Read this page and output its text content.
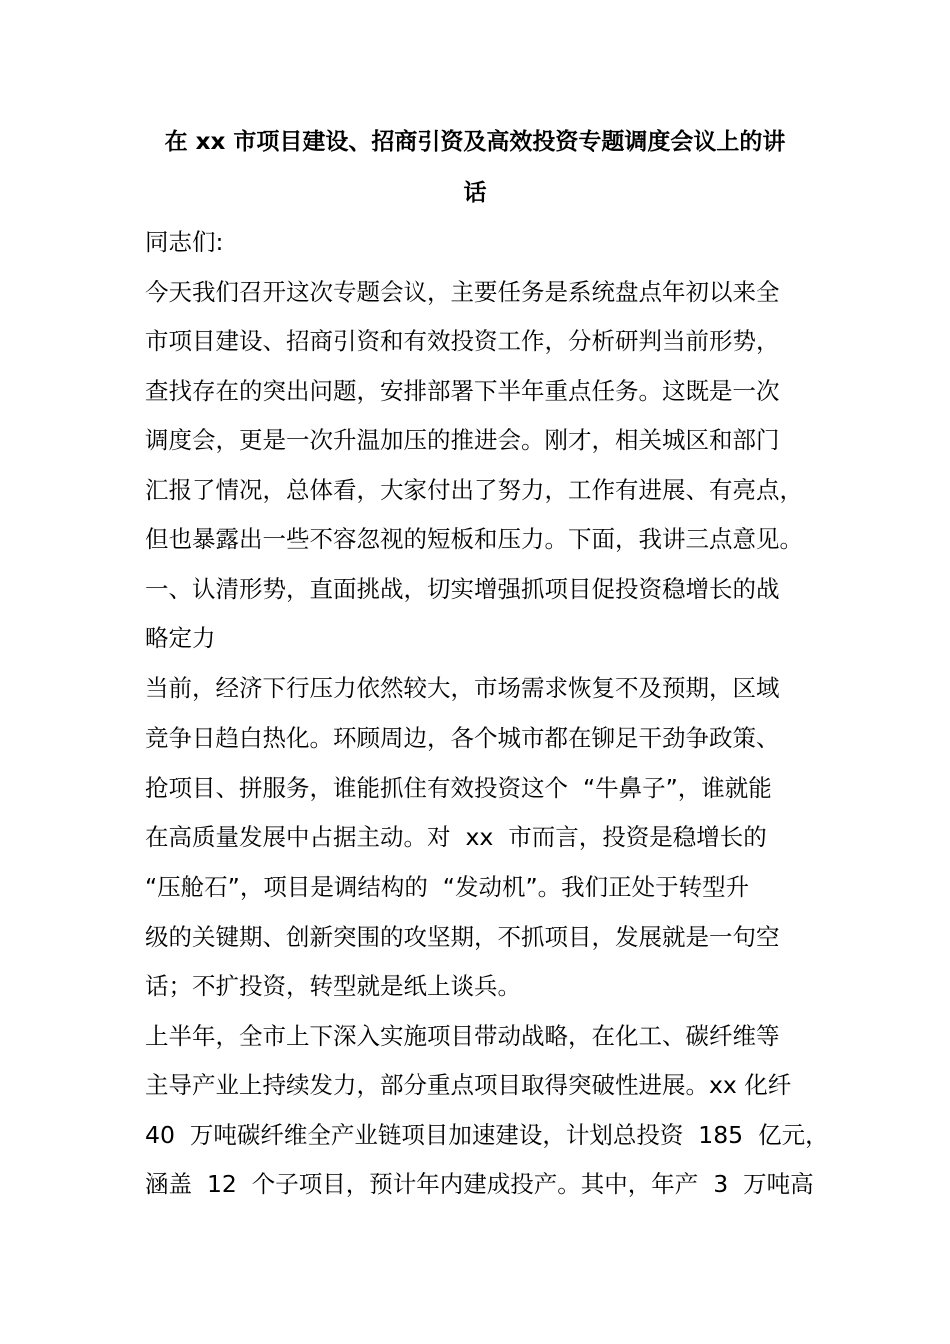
在 xx 市项目建设、招商引资及高效投资专题调度会议上的讲
话
同志们:
今天我们召开这次专题会议，主要任务是系统盘点年初以来全
市项目建设、招商引资和有效投资工作，分析研判当前形势，
查找存在的突出问题，安排部署下半年重点任务。这既是一次
调度会，更是一次升温加压的推进会。刚才，相关城区和部门
汇报了情况，总体看，大家付出了努力，工作有进展、有亮点，
但也暴露出一些不容忽视的短板和压力。下面，我讲三点意见。
一、认清形势，直面挑战，切实增强抓项目促投资稳增长的战
略定力
当前，经济下行压力依然较大，市场需求恢复不及预期，区域
竞争日趋白热化。环顾周边，各个城市都在铆足干劲争政策、
抢项目、拼服务，谁能抓住有效投资这个  “牛鼻子”，谁就能
在高质量发展中占据主动。对  xx  市而言，投资是稳增长的
“压舱石”，项目是调结构的  “发动机”。我们正处于转型升
级的关键期、创新突围的攻坚期，不抓项目，发展就是一句空
话；不扩投资，转型就是纸上谈兵。
上半年，全市上下深入实施项目带动战略，在化工、碳纤维等
主导产业上持续发力，部分重点项目取得突破性进展。xx 化纤
40  万吨碳纤维全产业链项目加速建设，计划总投资  185  亿元，
涵盖  12  个子项目，预计年内建成投产。其中，年产  3  万吨高
